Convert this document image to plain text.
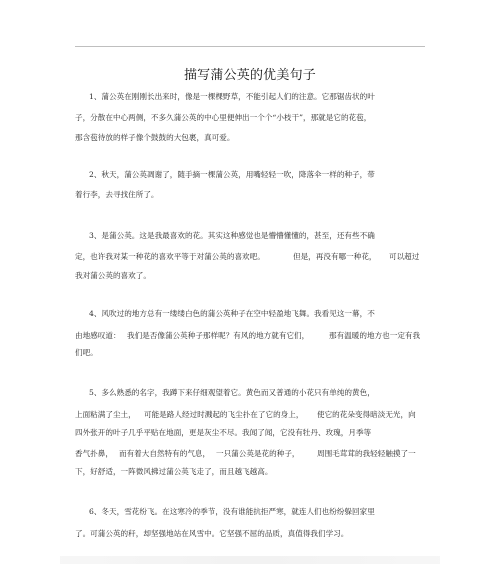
描写蒲公英的优美句子
1、蒲公英在刚刚长出来时，像是一棵棵野草，不能引起人们的注意。它那锯齿状的叶
子，分散在中心两侧，不多久蒲公英的中心里便伸出一个个“小枝干”，那就是它的花苞，
那含苞待放的样子像个鼓鼓的大包裹，真可爱。
2、秋天，蒲公英凋谢了，随手摘一棵蒲公英，用嘴轻轻一吹，降落伞一样的种子，带
着行李，去寻找住所了。
3、是蒲公英。这是我最喜欢的花。其实这种感觉也是懵懵懂懂的，甚至，还有些不确
定，也许我对某一种花的喜欢平等于对蒲公英的喜欢吧。	但是，再没有哪一种花， 可以超过
我对蒲公英的喜欢了。
4、风吹过的地方总有一缕缕白色的蒲公英种子在空中轻盈地飞舞。我看见这一幕，不
由地感叹道： 我们是否像蒲公英种子那样呢？有风的地方就有它们，	那有温暖的地方也一定有我
们吧。
5、多么熟悉的名字，我蹲下来仔细观望着它。黄色而又普通的小花只有单纯的黄色，
上面粘满了尘土， 可能是路人经过时溅起的飞尘扑在了它的身上， 使它的花朵变得暗淡无光，向
四外张开的叶子几乎平贴在地面，更是灰尘不尽。我闻了闻，它没有牡丹、玫瑰，月季等
香气扑鼻， 而有着大自然特有的气息， 一只蒲公英是花的种子， 周围毛茸茸的我轻轻触摸了一
下，好舒适，一阵微风拂过蒲公英飞走了，而且越飞越高。
6、冬天，雪花纷飞。在这寒冷的季节，没有谁能抗拒严寒，就连人们也纷纷躲回家里
了。可蒲公英的秆，却坚强地站在风雪中。它坚强不屈的品质，真值得我们学习。
